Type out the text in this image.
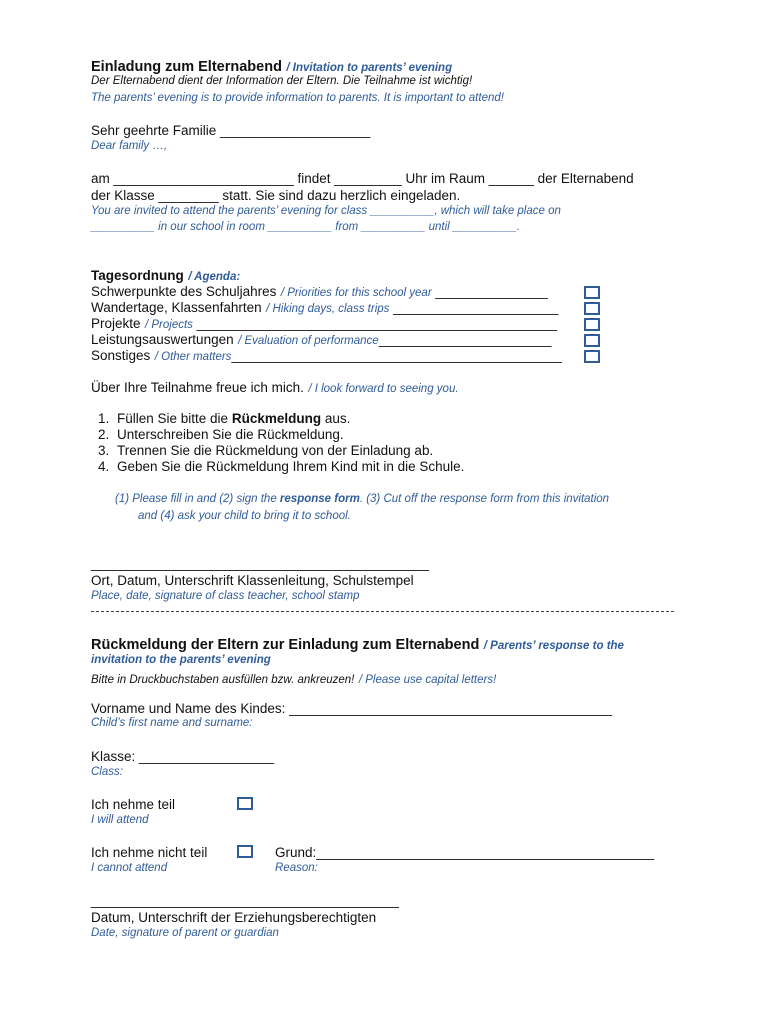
Einladung zum Elternabend / Invitation to parents’ evening
Der Elternabend dient der Information der Eltern. Die Teilnahme ist wichtig!
The parents’ evening is to provide information to parents. It is important to attend!
Sehr geehrte Familie ____________________
Dear family …,
am ________________________ findet _________ Uhr im Raum ______ der Elternabend
der Klasse ________ statt. Sie sind dazu herzlich eingeladen.
You are invited to attend the parents’ evening for class __________, which will take place on
__________ in our school in room __________ from __________ until __________.
Tagesordnung / Agenda:
Schwerpunkte des Schuljahres / Priorities for this school year _______________
Wandertage, Klassenfahrten / Hiking days, class trips ______________________
Projekte / Projects ________________________________________________
Leistungsauswertungen / Evaluation of performance_______________________
Sonstiges / Other matters____________________________________________
Über Ihre Teilnahme freue ich mich. / I look forward to seeing you.
1. Füllen Sie bitte die Rückmeldung aus.
2. Unterschreiben Sie die Rückmeldung.
3. Trennen Sie die Rückmeldung von der Einladung ab.
4. Geben Sie die Rückmeldung Ihrem Kind mit in die Schule.
(1) Please fill in and (2) sign the response form. (3) Cut off the response form from this invitation
and (4) ask your child to bring it to school.
_____________________________________________
Ort, Datum, Unterschrift Klassenleitung, Schulstempel
Place, date, signature of class teacher, school stamp
Rückmeldung der Eltern zur Einladung zum Elternabend / Parents’ response to the
invitation to the parents’ evening
Bitte in Druckbuchstaben ausfüllen bzw. ankreuzen! / Please use capital letters!
Vorname und Name des Kindes: ___________________________________________
Child’s first name and surname:
Klasse: __________________
Class:
Ich nehme teil
I will attend
Ich nehme nicht teil
I cannot attend
Grund:_____________________________________________
Reason:
_________________________________________
Datum, Unterschrift der Erziehungsberechtigten
Date, signature of parent or guardian
